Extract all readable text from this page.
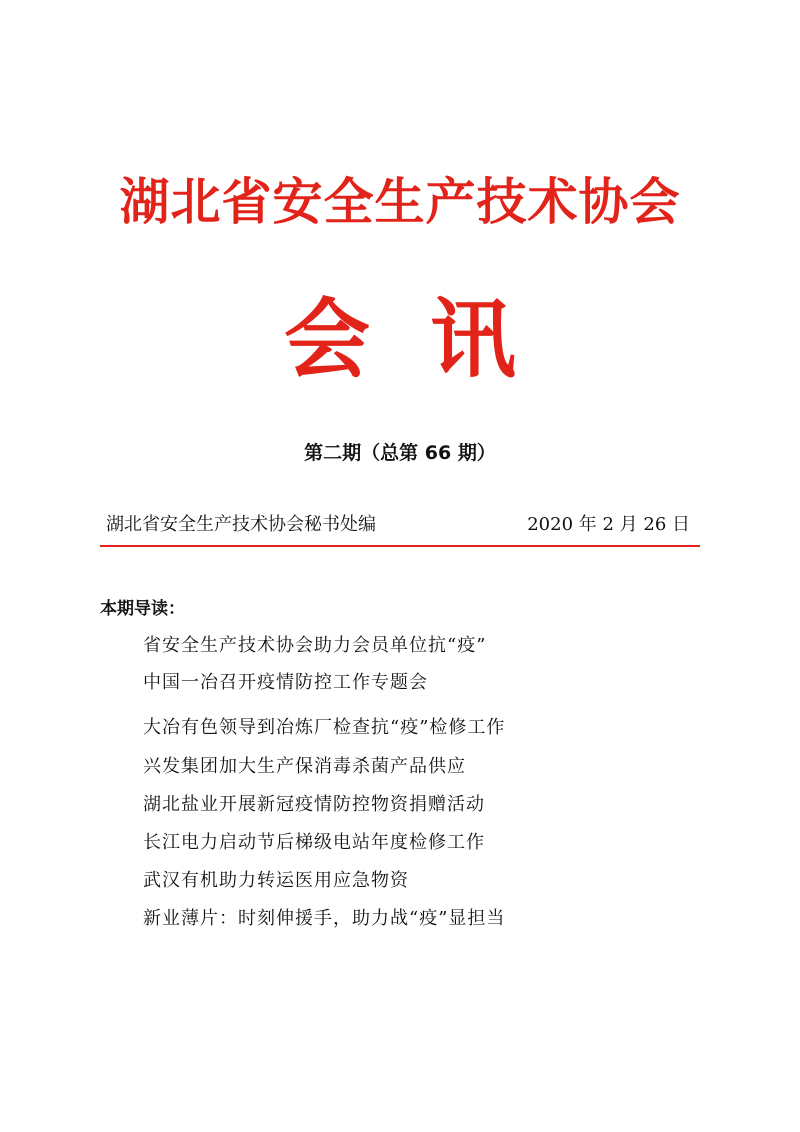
湖北省安全生产技术协会
会讯
第二期（总第 66 期）
湖北省安全生产技术协会秘书处编	2020 年 2 月 26 日
本期导读：
省安全生产技术协会助力会员单位抗“疫”
中国一冶召开疫情防控工作专题会
大冶有色领导到冶炼厂检查抗“疫”检修工作
兴发集团加大生产保消毒杀菌产品供应
湖北盐业开展新冠疫情防控物资捐赠活动
长江电力启动节后梯级电站年度检修工作
武汉有机助力转运医用应急物资
新业薄片：时刻伸援手，助力战“疫”显担当
